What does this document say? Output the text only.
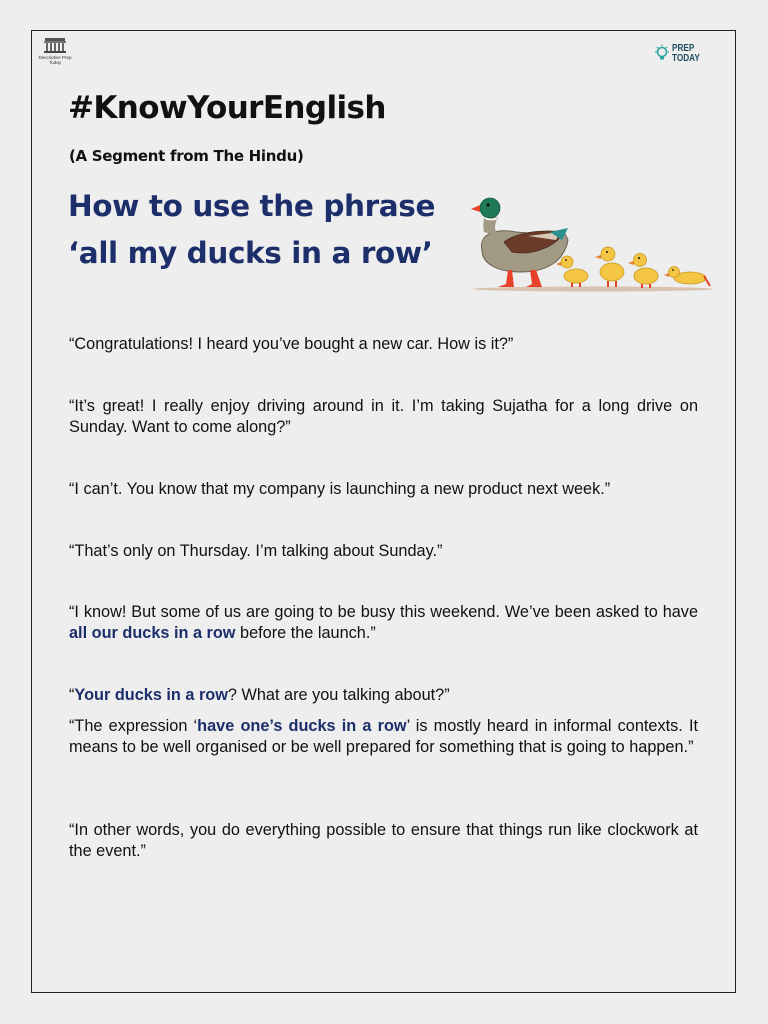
Descriptive Prep Today
PREP
TODAY
#KnowYourEnglish
(A Segment from The Hindu)
How to use the phrase
‘all my ducks in a row’

“Congratulations! I heard you’ve bought a new car. How is it?”

“It’s great! I really enjoy driving around in it. I’m taking Sujatha for a long drive on Sunday. Want to come along?”

“I can’t. You know that my company is launching a new product next week.”

“That’s only on Thursday. I’m talking about Sunday.”

“I know! But some of us are going to be busy this weekend. We’ve been asked to have all our ducks in a row before the launch.”

“Your ducks in a row? What are you talking about?”

“The expression ‘have one’s ducks in a row’ is mostly heard in informal contexts. It means to be well organised or be well prepared for something that is going to happen.”

“In other words, you do everything possible to ensure that things run like clockwork at the event.”
